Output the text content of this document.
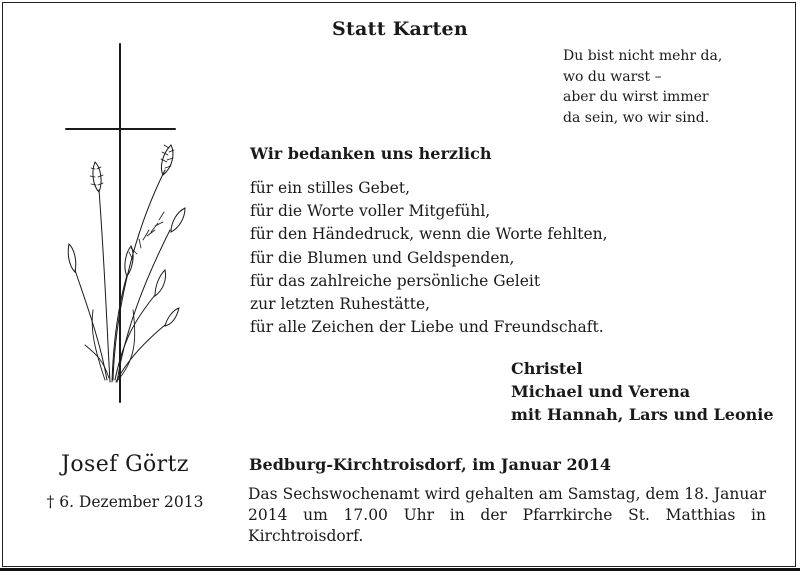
Statt Karten
Du bist nicht mehr da,
wo du warst –
aber du wirst immer
da sein, wo wir sind.
Wir bedanken uns herzlich
für ein stilles Gebet,
für die Worte voller Mitgefühl,
für den Händedruck, wenn die Worte fehlten,
für die Blumen und Geldspenden,
für das zahlreiche persönliche Geleit
zur letzten Ruhestätte,
für alle Zeichen der Liebe und Freundschaft.
Christel
Michael und Verena
mit Hannah, Lars und Leonie
Josef Görtz
† 6. Dezember 2013
Bedburg-Kirchtroisdorf, im Januar 2014
Das Sechswochenamt wird gehalten am Samstag, dem 18. Januar 2014 um 17.00 Uhr in der Pfarrkirche St. Matthias in Kirchtroisdorf.
